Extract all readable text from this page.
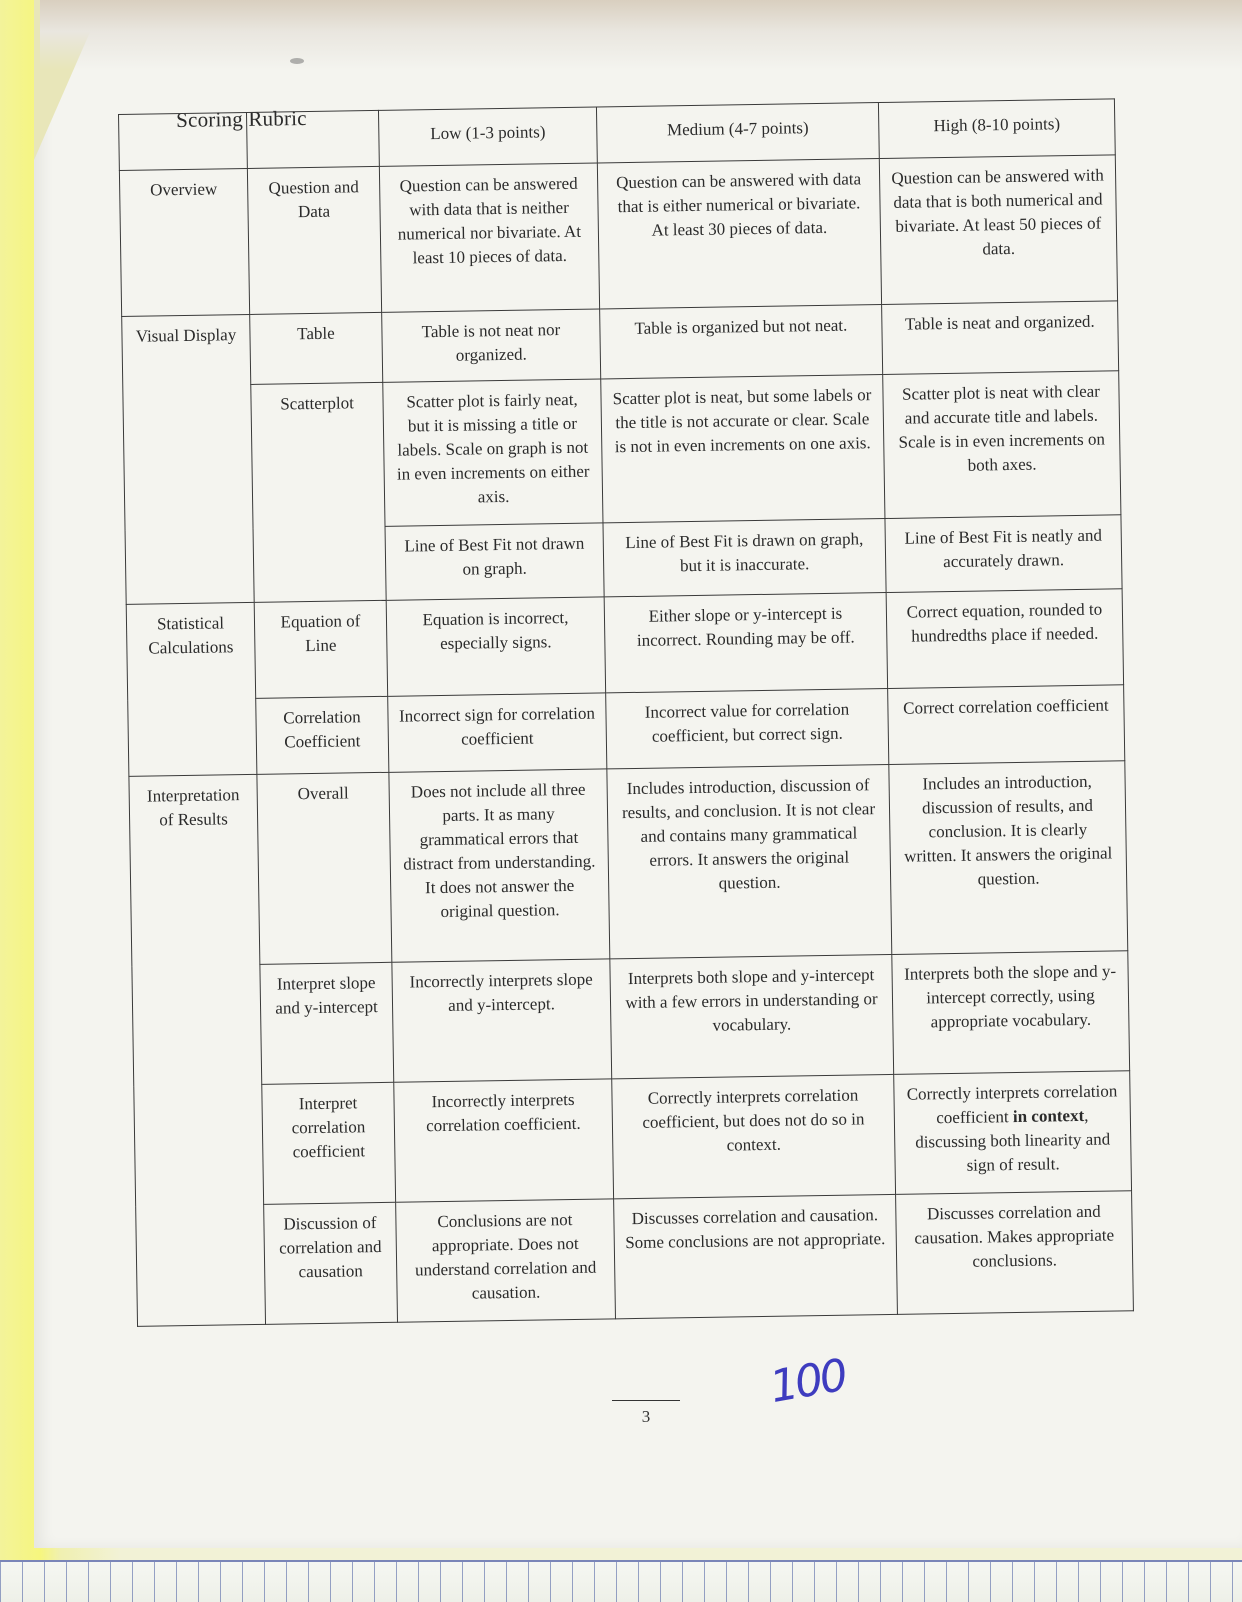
Scoring Rubric
		Low (1-3 points)	Medium (4-7 points)	High (8-10 points)
Overview	Question and Data	Question can be answered with data that is neither numerical nor bivariate. At least 10 pieces of data.	Question can be answered with data that is either numerical or bivariate. At least 30 pieces of data.	Question can be answered with data that is both numerical and bivariate. At least 50 pieces of data.
Visual Display	Table	Table is not neat nor organized.	Table is organized but not neat.	Table is neat and organized.
	Scatterplot	Scatter plot is fairly neat, but it is missing a title or labels. Scale on graph is not in even increments on either axis.	Scatter plot is neat, but some labels or the title is not accurate or clear. Scale is not in even increments on one axis.	Scatter plot is neat with clear and accurate title and labels. Scale is in even increments on both axes.
		Line of Best Fit not drawn on graph.	Line of Best Fit is drawn on graph, but it is inaccurate.	Line of Best Fit is neatly and accurately drawn.
Statistical Calculations	Equation of Line	Equation is incorrect, especially signs.	Either slope or y-intercept is incorrect. Rounding may be off.	Correct equation, rounded to hundredths place if needed.
	Correlation Coefficient	Incorrect sign for correlation coefficient	Incorrect value for correlation coefficient, but correct sign.	Correct correlation coefficient
Interpretation of Results	Overall	Does not include all three parts. It as many grammatical errors that distract from understanding. It does not answer the original question.	Includes introduction, discussion of results, and conclusion. It is not clear and contains many grammatical errors. It answers the original question.	Includes an introduction, discussion of results, and conclusion. It is clearly written. It answers the original question.
	Interpret slope and y-intercept	Incorrectly interprets slope and y-intercept.	Interprets both slope and y-intercept with a few errors in understanding or vocabulary.	Interprets both the slope and y-intercept correctly, using appropriate vocabulary.
	Interpret correlation coefficient	Incorrectly interprets correlation coefficient.	Correctly interprets correlation coefficient, but does not do so in context.	Correctly interprets correlation coefficient in context, discussing both linearity and sign of result.
	Discussion of correlation and causation	Conclusions are not appropriate. Does not understand correlation and causation.	Discusses correlation and causation. Some conclusions are not appropriate.	Discusses correlation and causation. Makes appropriate conclusions.
100
3
